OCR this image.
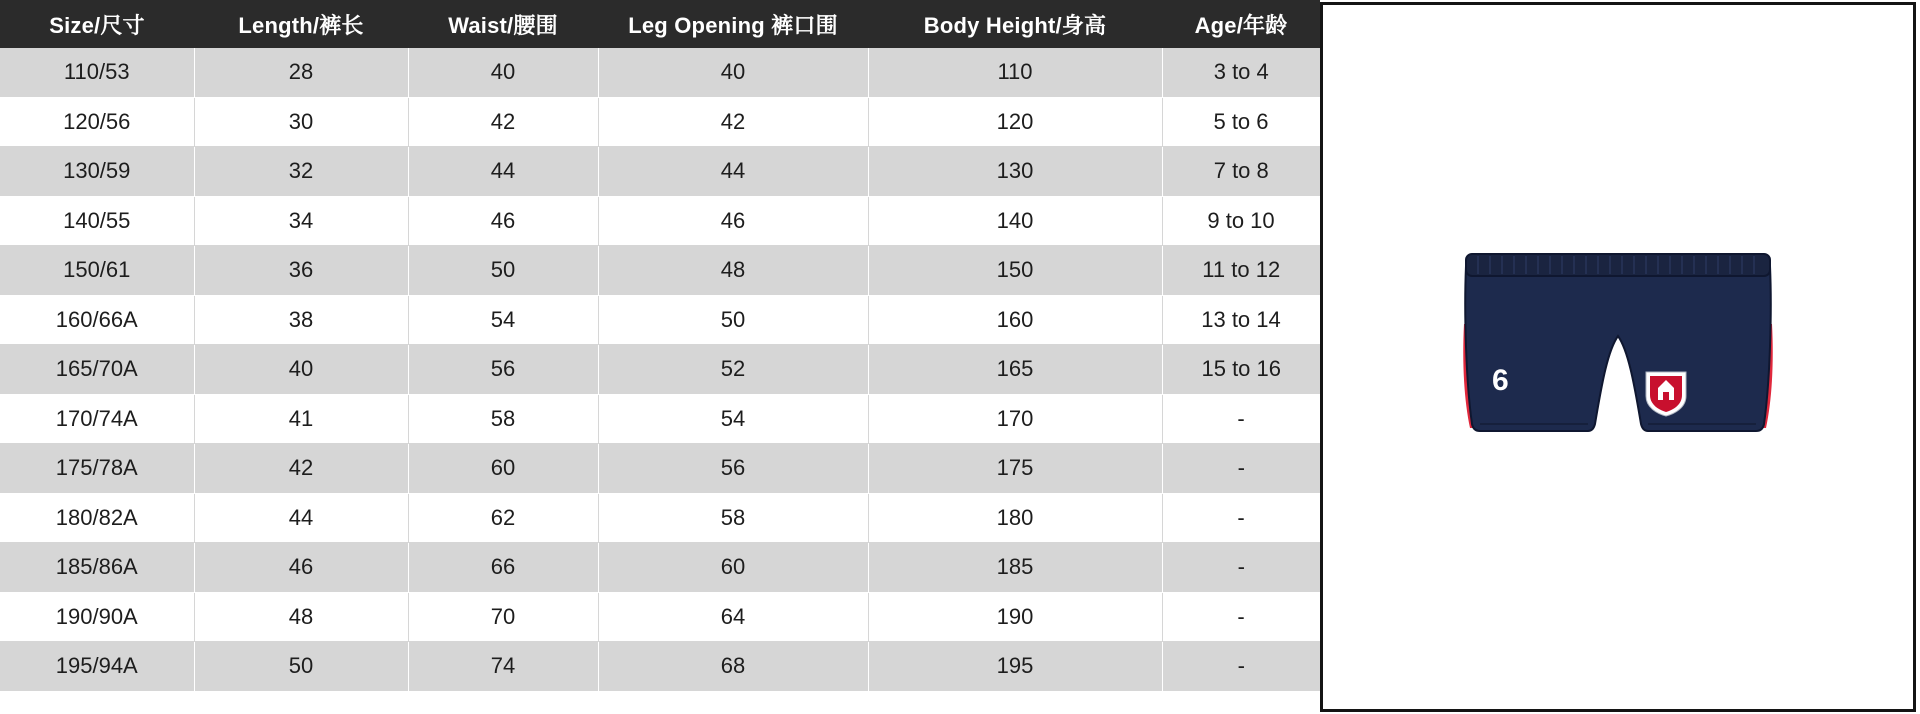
Size/尺寸	Length/裤长	Waist/腰围	Leg Opening 裤口围	Body Height/身高	Age/年龄
110/53	28	40	40	110	3 to 4
120/56	30	42	42	120	5 to 6
130/59	32	44	44	130	7 to 8
140/55	34	46	46	140	9 to 10
150/61	36	50	48	150	11 to 12
160/66A	38	54	50	160	13 to 14
165/70A	40	56	52	165	15 to 16
170/74A	41	58	54	170	-
175/78A	42	60	56	175	-
180/82A	44	62	58	180	-
185/86A	46	66	60	185	-
190/90A	48	70	64	190	-
195/94A	50	74	68	195	-
6
